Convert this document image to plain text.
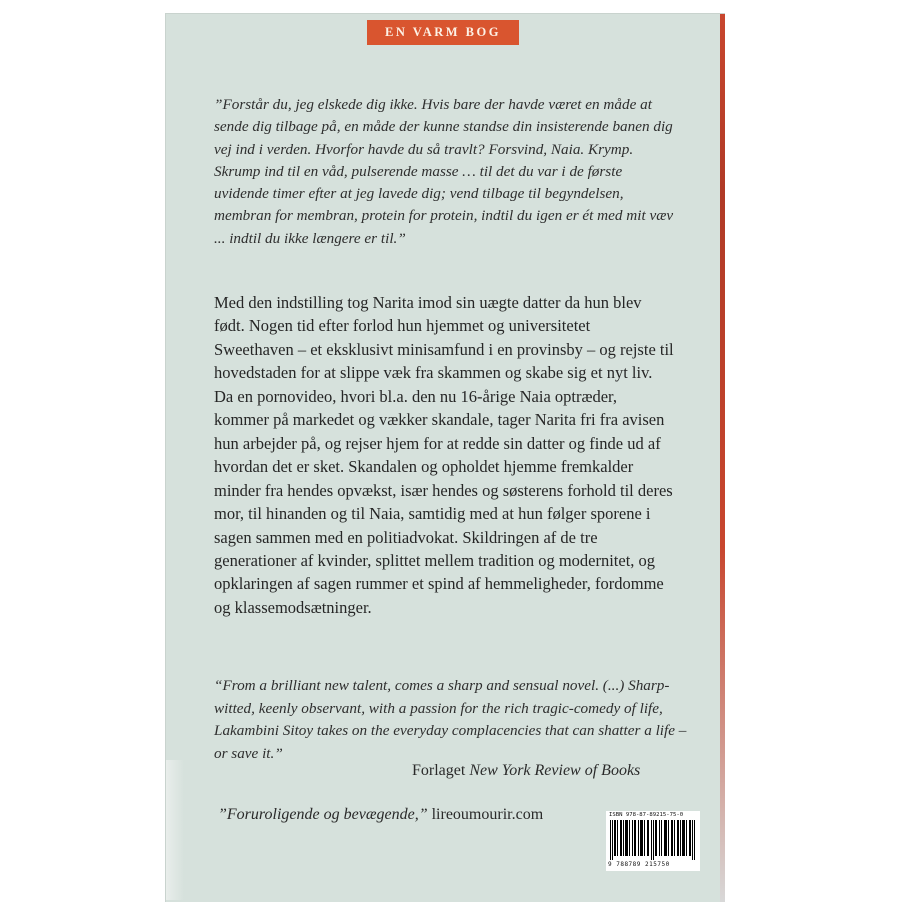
EN VARM BOG
”Forstår du, jeg elskede dig ikke. Hvis bare der havde været en måde at sende dig tilbage på, en måde der kunne standse din insisterende banen dig vej ind i verden. Hvorfor havde du så travlt? Forsvind, Naia. Krymp. Skrump ind til en våd, pulserende masse … til det du var i de første uvidende timer efter at jeg lavede dig; vend tilbage til begyndelsen, membran for membran, protein for protein, indtil du igen er ét med mit væv ... indtil du ikke længere er til.”
Med den indstilling tog Narita imod sin uægte datter da hun blev født. Nogen tid efter forlod hun hjemmet og universitetet Sweethaven – et eksklusivt minisamfund i en provinsby – og rejste til hovedstaden for at slippe væk fra skammen og skabe sig et nyt liv. Da en pornovideo, hvori bl.a. den nu 16-årige Naia optræder, kommer på markedet og vækker skandale, tager Narita fri fra avisen hun arbejder på, og rejser hjem for at redde sin datter og finde ud af hvordan det er sket. Skandalen og opholdet hjemme fremkalder minder fra hendes opvækst, især hendes og søsterens forhold til deres mor, til hinanden og til Naia, samtidig med at hun følger sporene i sagen sammen med en politiadvokat. Skildringen af de tre generationer af kvinder, splittet mellem tradition og modernitet, og opklaringen af sagen rummer et spind af hemmeligheder, fordomme og klassemodsætninger.
“From a brilliant new talent, comes a sharp and sensual novel. (...) Sharp-witted, keenly observant, with a passion for the rich tragic-comedy of life, Lakambini Sitoy takes on the everyday complacencies that can shatter a life – or save it.”
Forlaget New York Review of Books
”Foruroligende og bevægende,” lireoumourir.com	ISBN 978-87-89215-75-0
9 788789 215750
